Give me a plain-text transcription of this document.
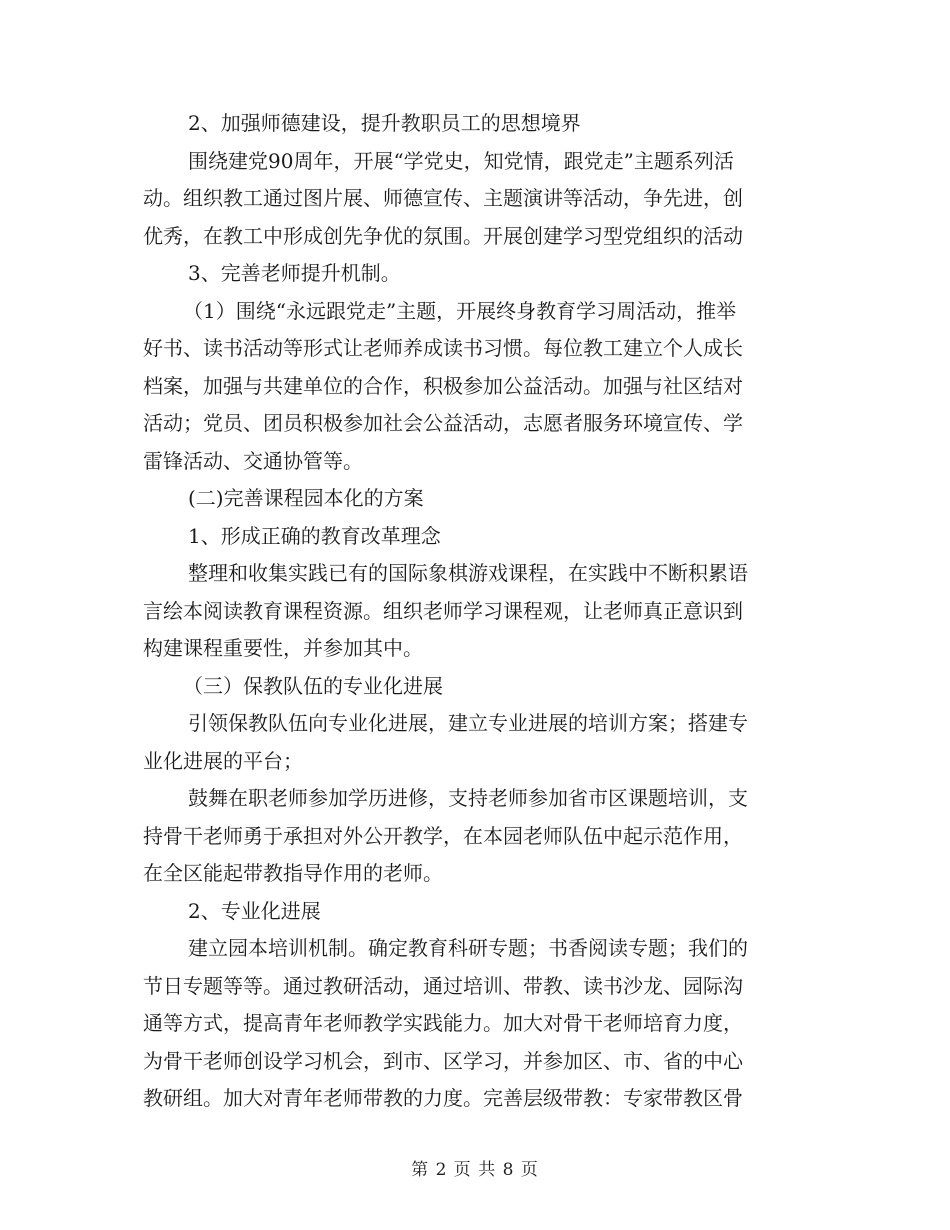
2、加强师德建设，提升教职员工的思想境界

围绕建党90周年，开展“学党史，知党情，跟党走”主题系列活
动。组织教工通过图片展、师德宣传、主题演讲等活动，争先进，创
优秀，在教工中形成创先争优的氛围。开展创建学习型党组织的活动

3、完善老师提升机制。

（1）围绕“永远跟党走”主题，开展终身教育学习周活动，推举
好书、读书活动等形式让老师养成读书习惯。每位教工建立个人成长
档案，加强与共建单位的合作，积极参加公益活动。加强与社区结对
活动；党员、团员积极参加社会公益活动，志愿者服务环境宣传、学
雷锋活动、交通协管等。

(二)完善课程园本化的方案

1、形成正确的教育改革理念

整理和收集实践已有的国际象棋游戏课程，在实践中不断积累语
言绘本阅读教育课程资源。组织老师学习课程观，让老师真正意识到
构建课程重要性，并参加其中。

（三）保教队伍的专业化进展

引领保教队伍向专业化进展，建立专业进展的培训方案；搭建专
业化进展的平台；

鼓舞在职老师参加学历进修，支持老师参加省市区课题培训，支
持骨干老师勇于承担对外公开教学，在本园老师队伍中起示范作用，
在全区能起带教指导作用的老师。

2、专业化进展

建立园本培训机制。确定教育科研专题；书香阅读专题；我们的
节日专题等等。通过教研活动，通过培训、带教、读书沙龙、园际沟
通等方式，提高青年老师教学实践能力。加大对骨干老师培育力度，
为骨干老师创设学习机会，到市、区学习，并参加区、市、省的中心
教研组。加大对青年老师带教的力度。完善层级带教：专家带教区骨

第 2 页 共 8 页
